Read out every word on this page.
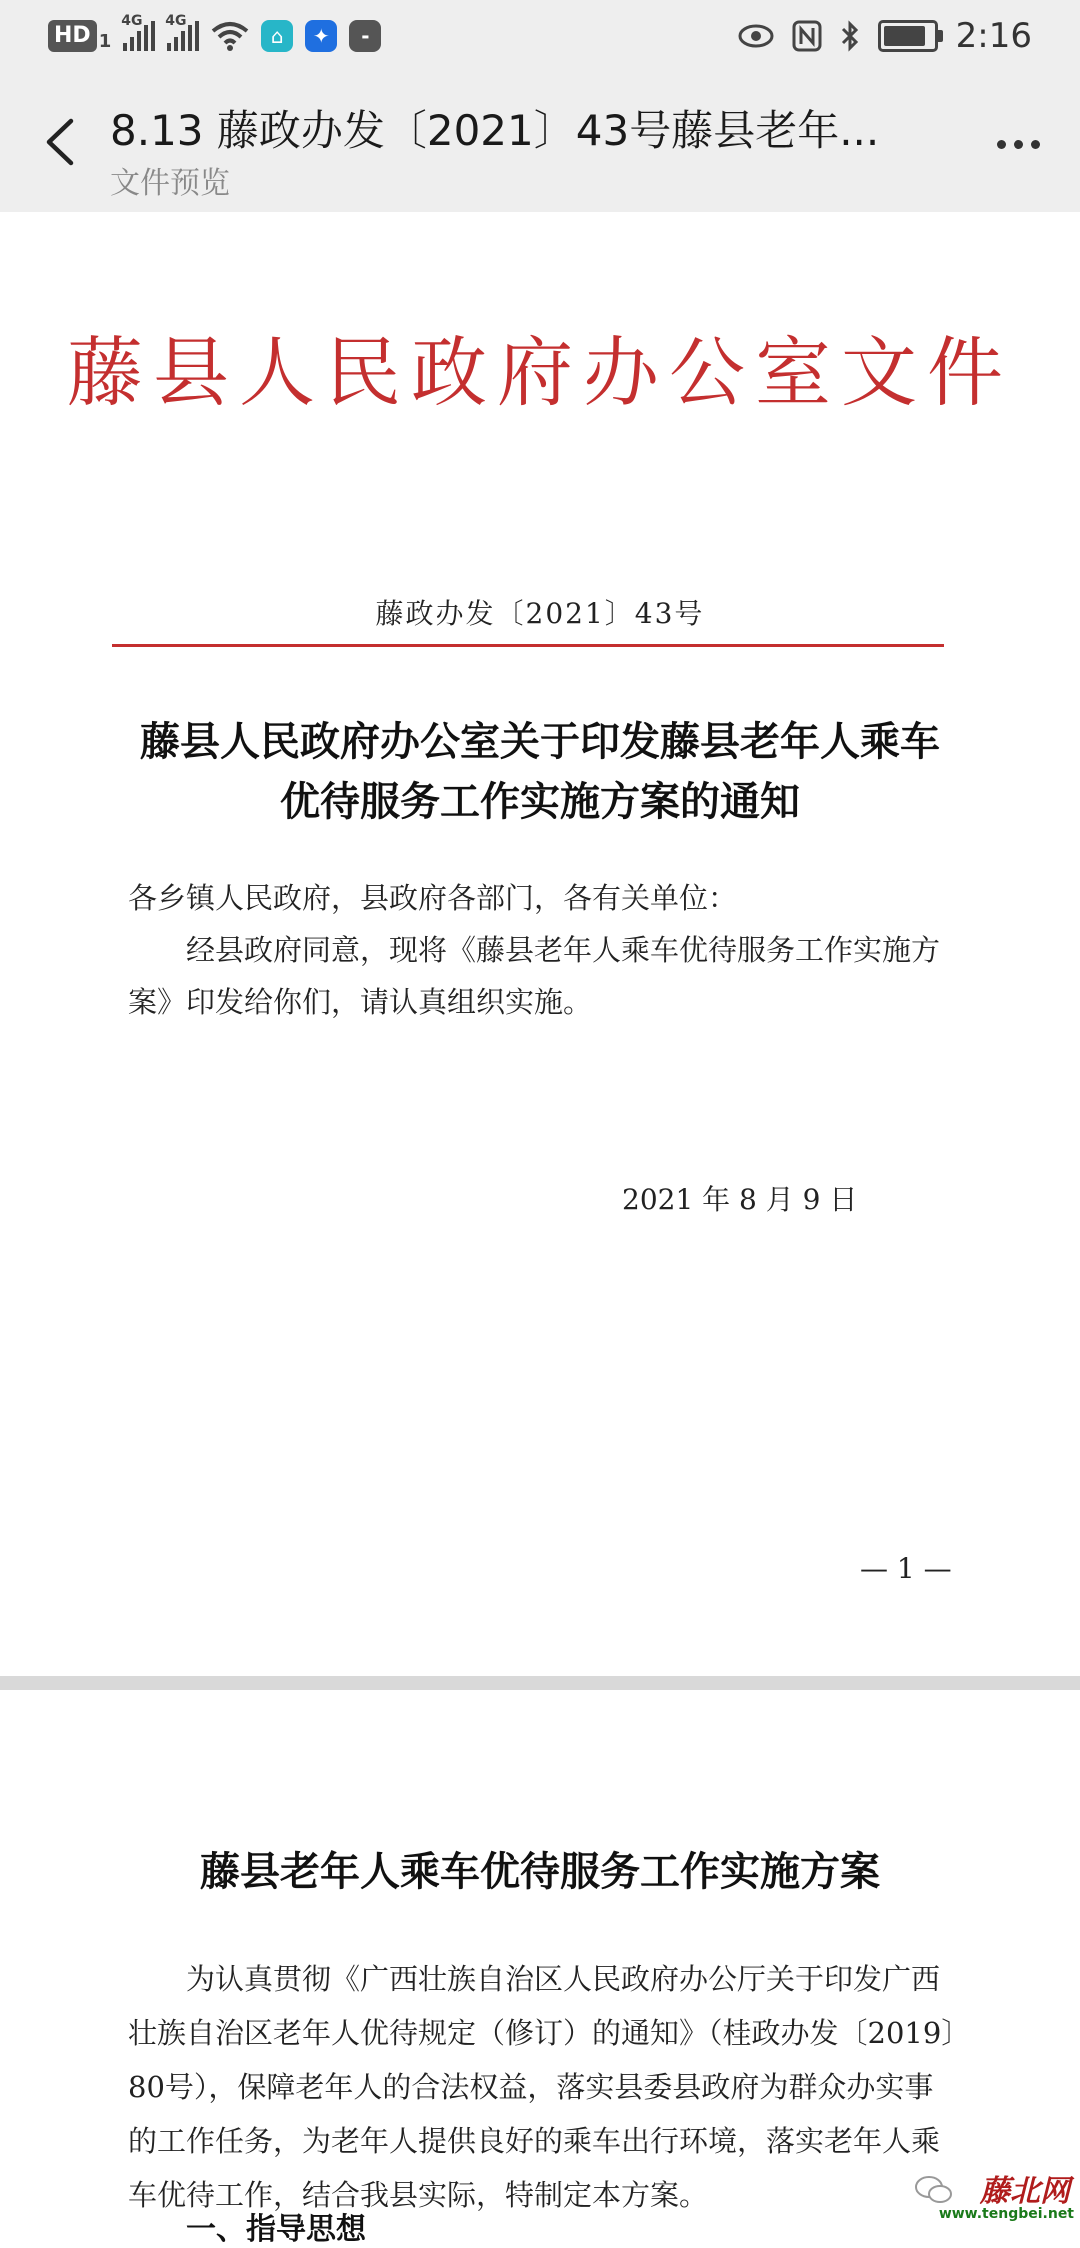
HD 1
4G 4G
⌂	✦	▬	2:16
8.13 藤政办发〔2021〕43号藤县老年...
文件预览
藤县人民政府办公室文件
藤政办发〔2021〕43号
藤县人民政府办公室关于印发藤县老年人乘车
优待服务工作实施方案的通知
各乡镇人民政府，县政府各部门，各有关单位：
经县政府同意，现将《藤县老年人乘车优待服务工作实施方案》印发给你们，请认真组织实施。
2021 年 8 月 9 日
— 1 —
藤县老年人乘车优待服务工作实施方案
为认真贯彻《广西壮族自治区人民政府办公厅关于印发广西壮族自治区老年人优待规定（修订）的通知》（桂政办发〔2019〕80号），保障老年人的合法权益，落实县委县政府为群众办实事的工作任务，为老年人提供良好的乘车出行环境，落实老年人乘车优待工作，结合我县实际，特制定本方案。
一、指导思想
藤北网
www.tengbei.net
